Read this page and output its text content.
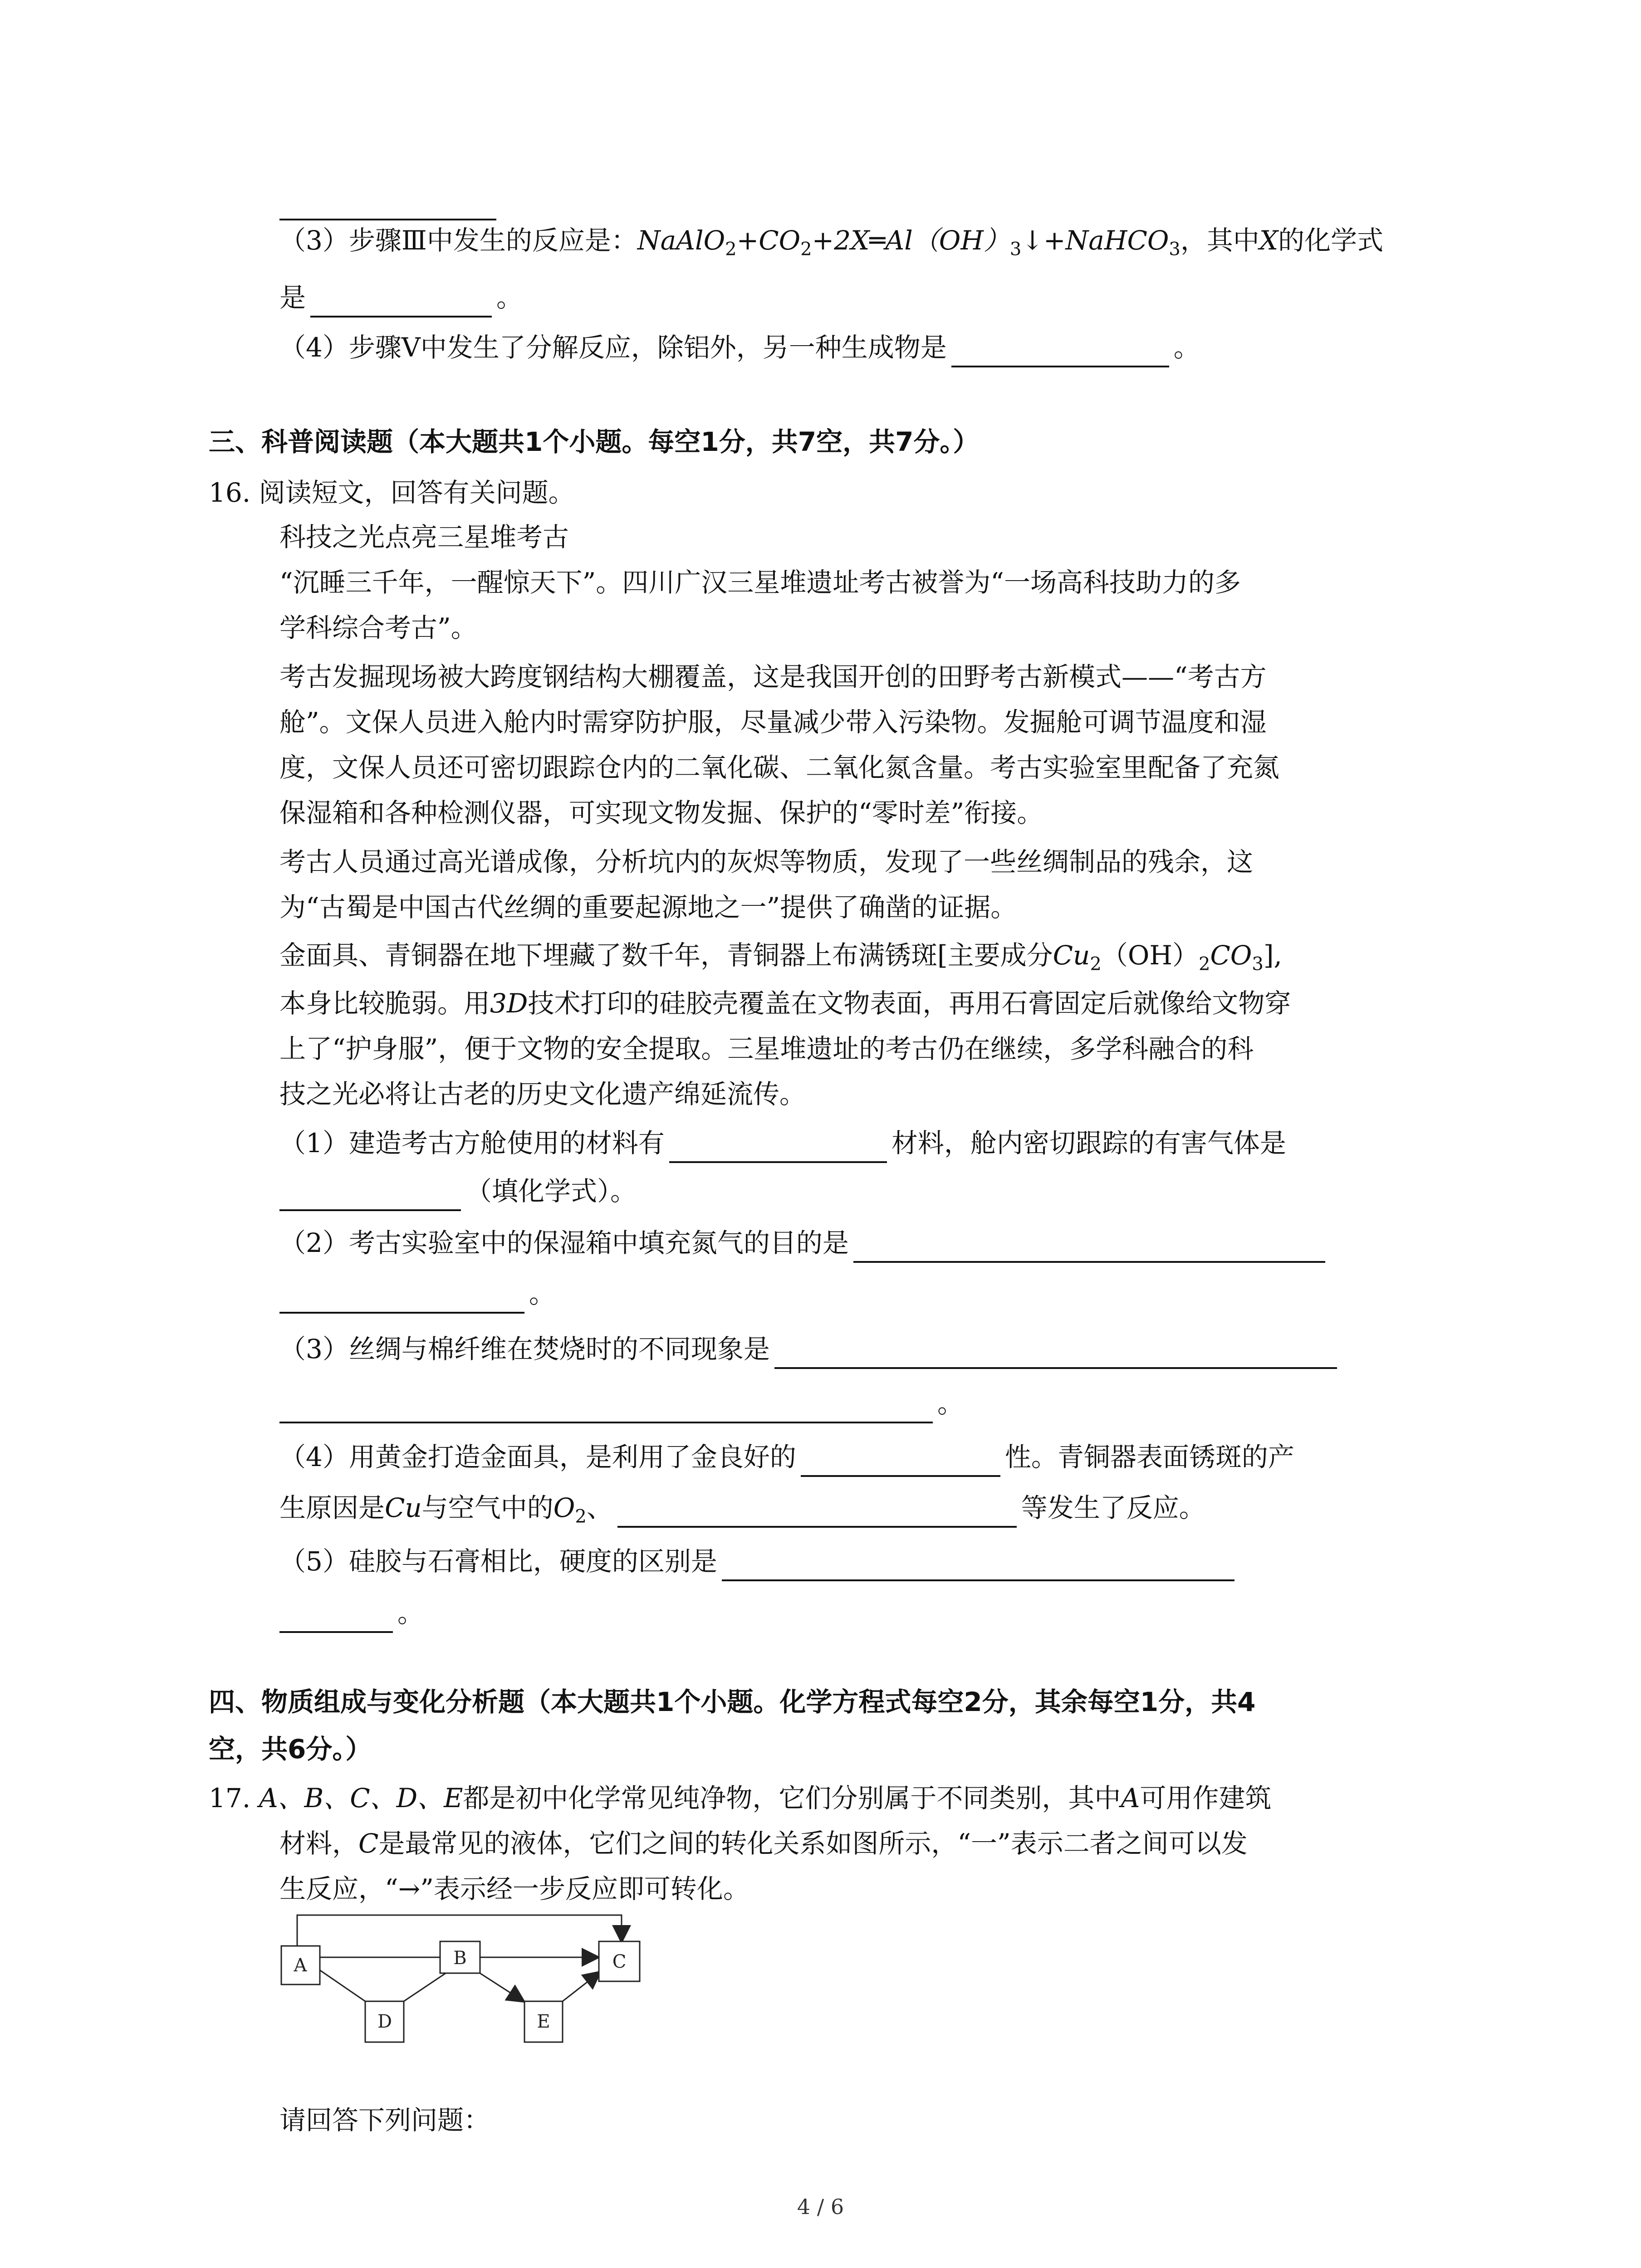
（3）步骤Ⅲ中发生的反应是：$NaAlO_2+CO_2+2X═Al(OH)_3↓+NaHCO_3$，其中X的化学式
是	。
（4）步骤Ⅴ中发生了分解反应，除铝外，另一种生成物是	。
三、科普阅读题（本大题共1个小题。每空1分，共7空，共7分。）
16. 阅读短文，回答有关问题。
科技之光点亮三星堆考古
“沉睡三千年，一醒惊天下”。四川广汉三星堆遗址考古被誉为“一场高科技助力的多
学科综合考古”。
考古发掘现场被大跨度钢结构大棚覆盖，这是我国开创的田野考古新模式——“考古方
舱”。文保人员进入舱内时需穿防护服，尽量减少带入污染物。发掘舱可调节温度和湿
度，文保人员还可密切跟踪仓内的二氧化碳、二氧化氮含量。考古实验室里配备了充氮
保湿箱和各种检测仪器，可实现文物发掘、保护的“零时差”衔接。
考古人员通过高光谱成像，分析坑内的灰烬等物质，发现了一些丝绸制品的残余，这
为“古蜀是中国古代丝绸的重要起源地之一”提供了确凿的证据。
金面具、青铜器在地下埋藏了数千年，青铜器上布满锈斑[主要成分$Cu_2(OH)_2CO_3$],
本身比较脆弱。用3D技术打印的硅胶壳覆盖在文物表面，再用石膏固定后就像给文物穿
上了“护身服”，便于文物的安全提取。三星堆遗址的考古仍在继续，多学科融合的科
技之光必将让古老的历史文化遗产绵延流传。
（1）建造考古方舱使用的材料有	材料，舱内密切跟踪的有害气体是
（填化学式）。
（2）考古实验室中的保湿箱中填充氮气的目的是
。
（3）丝绸与棉纤维在焚烧时的不同现象是
。
（4）用黄金打造金面具，是利用了金良好的	性。青铜器表面锈斑的产
生原因是Cu与空气中的$O_2$、	等发生了反应。
（5）硅胶与石膏相比，硬度的区别是
。
四、物质组成与变化分析题（本大题共1个小题。化学方程式每空2分，其余每空1分，共4
空，共6分。）
17. A、B、C、D、E都是初中化学常见纯净物，它们分别属于不同类别，其中A可用作建筑
材料，C是最常见的液体，它们之间的转化关系如图所示，“一”表示二者之间可以发
生反应，“→”表示经一步反应即可转化。
A	B	C
D	E
请回答下列问题：
4 / 6
